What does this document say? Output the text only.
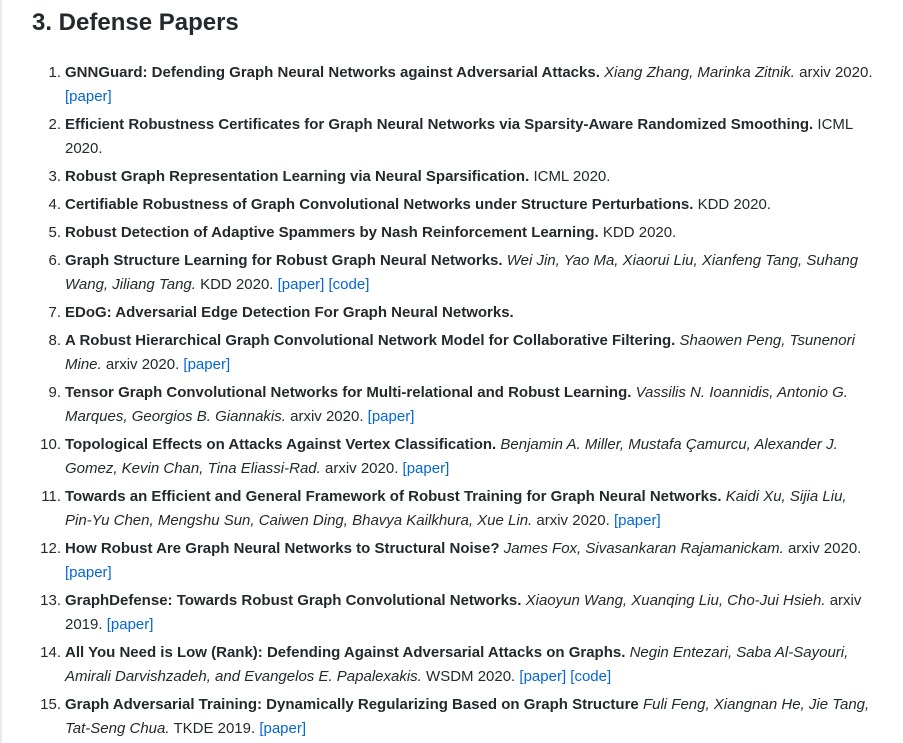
3. Defense Papers
1. GNNGuard: Defending Graph Neural Networks against Adversarial Attacks. Xiang Zhang, Marinka Zitnik. arxiv 2020. [paper]
2. Efficient Robustness Certificates for Graph Neural Networks via Sparsity-Aware Randomized Smoothing. ICML 2020.
3. Robust Graph Representation Learning via Neural Sparsification. ICML 2020.
4. Certifiable Robustness of Graph Convolutional Networks under Structure Perturbations. KDD 2020.
5. Robust Detection of Adaptive Spammers by Nash Reinforcement Learning. KDD 2020.
6. Graph Structure Learning for Robust Graph Neural Networks. Wei Jin, Yao Ma, Xiaorui Liu, Xianfeng Tang, Suhang Wang, Jiliang Tang. KDD 2020. [paper] [code]
7. EDoG: Adversarial Edge Detection For Graph Neural Networks.
8. A Robust Hierarchical Graph Convolutional Network Model for Collaborative Filtering. Shaowen Peng, Tsunenori Mine. arxiv 2020. [paper]
9. Tensor Graph Convolutional Networks for Multi-relational and Robust Learning. Vassilis N. Ioannidis, Antonio G. Marques, Georgios B. Giannakis. arxiv 2020. [paper]
10. Topological Effects on Attacks Against Vertex Classification. Benjamin A. Miller, Mustafa Çamurcu, Alexander J. Gomez, Kevin Chan, Tina Eliassi-Rad. arxiv 2020. [paper]
11. Towards an Efficient and General Framework of Robust Training for Graph Neural Networks. Kaidi Xu, Sijia Liu, Pin-Yu Chen, Mengshu Sun, Caiwen Ding, Bhavya Kailkhura, Xue Lin. arxiv 2020. [paper]
12. How Robust Are Graph Neural Networks to Structural Noise? James Fox, Sivasankaran Rajamanickam. arxiv 2020. [paper]
13. GraphDefense: Towards Robust Graph Convolutional Networks. Xiaoyun Wang, Xuanqing Liu, Cho-Jui Hsieh. arxiv 2019. [paper]
14. All You Need is Low (Rank): Defending Against Adversarial Attacks on Graphs. Negin Entezari, Saba Al-Sayouri, Amirali Darvishzadeh, and Evangelos E. Papalexakis. WSDM 2020. [paper] [code]
15. Graph Adversarial Training: Dynamically Regularizing Based on Graph Structure Fuli Feng, Xiangnan He, Jie Tang, Tat-Seng Chua. TKDE 2019. [paper]
